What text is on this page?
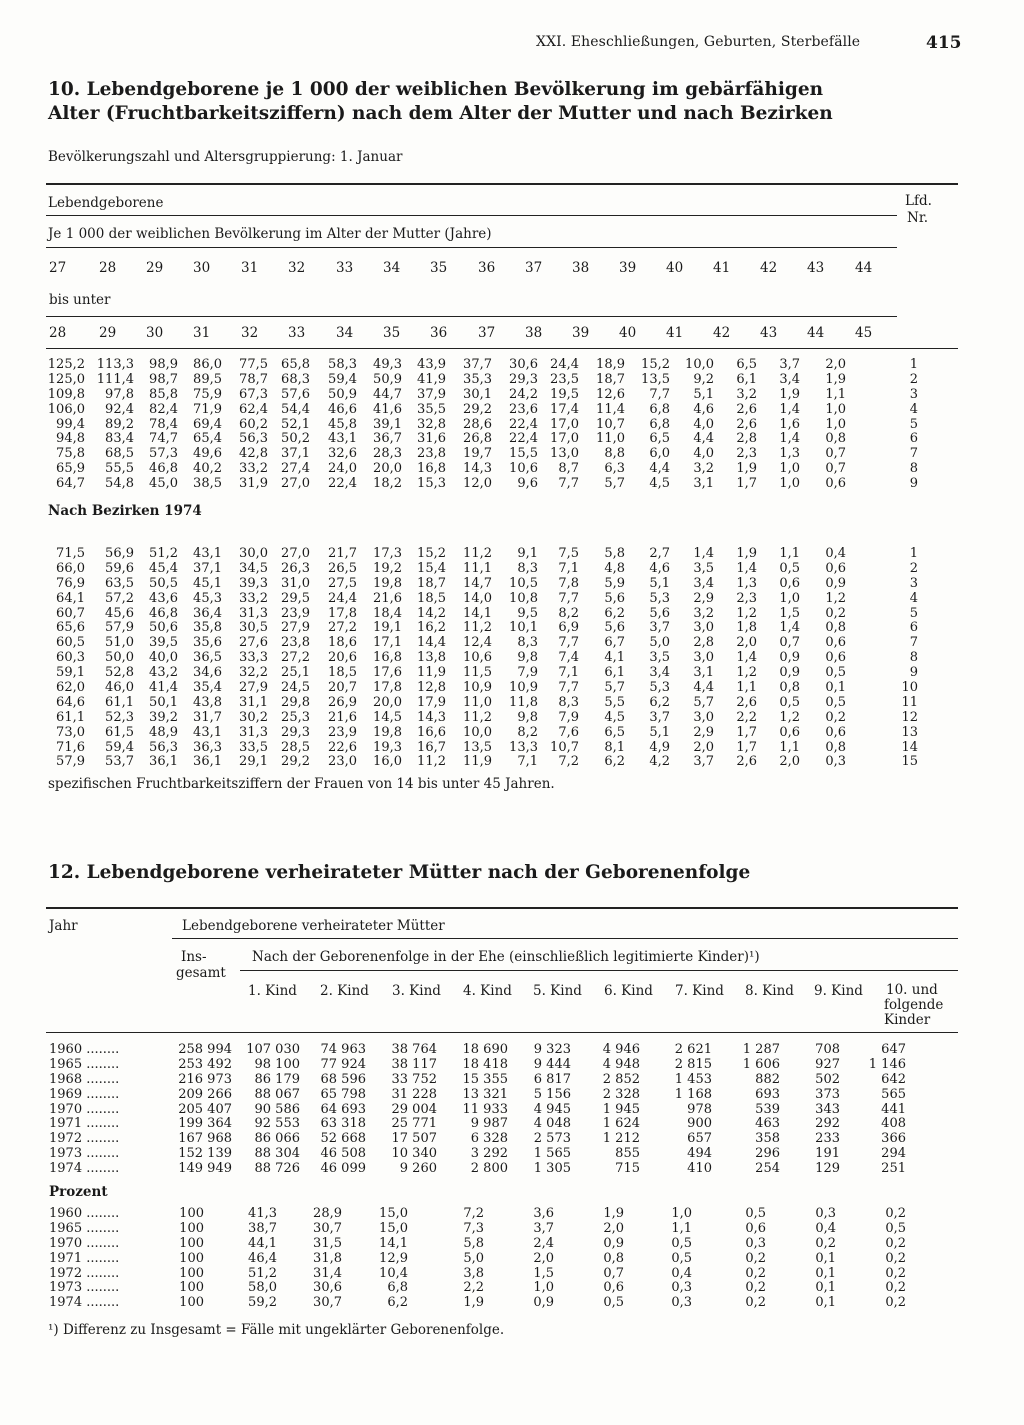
XXI. Eheschließungen, Geburten, Sterbefälle	415
10. Lebendgeborene je 1 000 der weiblichen Bevölkerung im gebärfähigen Alter (Fruchtbarkeitsziffern) nach dem Alter der Mutter und nach Bezirken
Bevölkerungszahl und Altersgruppierung: 1. Januar
Lebendgeborene	Lfd.
Nr.
Je 1 000 der weiblichen Bevölkerung im Alter der Mutter (Jahre)
27	28	29	30	31	32	33	34	35	36	37	38	39	40	41	42	43	44
bis unter
28	29	30	31	32	33	34	35	36	37	38	39	40	41	42	43	44	45
125,2 113,3	98,9	86,0	77,5	65,8	58,3	49,3	43,9	37,7	30,6 24,4	18,9	15,2	10,0	6,5	3,7	2,0	1
125,0 111,4	98,7	89,5	78,7	68,3	59,4	50,9	41,9	35,3	29,3 23,5	18,7	13,5	9,2	6,1	3,4	1,9	2
109,8	97,8	85,8	75,9	67,3	57,6	50,9	44,7	37,9	30,1	24,2 19,5	12,6	7,7	5,1	3,2	1,9	1,1	3
106,0	92,4	82,4	71,9	62,4	54,4	46,6	41,6	35,5	29,2	23,6 17,4	11,4	6,8	4,6	2,6	1,4	1,0	4
99,4	89,2	78,4	69,4	60,2	52,1	45,8	39,1	32,8	28,6	22,4 17,0	10,7	6,8	4,0	2,6	1,6	1,0	5
94,8	83,4	74,7	65,4	56,3	50,2	43,1	36,7	31,6	26,8	22,4 17,0	11,0	6,5	4,4	2,8	1,4	0,8	6
75,8	68,5	57,3	49,6	42,8	37,1	32,6	28,3	23,8	19,7	15,5 13,0	8,8	6,0	4,0	2,3	1,3	0,7	7
65,9	55,5	46,8	40,2	33,2	27,4	24,0	20,0	16,8	14,3	10,6	8,7	6,3	4,4	3,2	1,9	1,0	0,7	8
64,7	54,8	45,0	38,5	31,9	27,0	22,4	18,2	15,3	12,0	9,6	7,7	5,7	4,5	3,1	1,7	1,0	0,6	9
Nach Bezirken 1974
71,5	56,9	51,2	43,1	30,0	27,0	21,7	17,3	15,2	11,2	9,1	7,5	5,8	2,7	1,4	1,9	1,1	0,4	1
66,0	59,6	45,4	37,1	34,5	26,3	26,5	19,2	15,4	11,1	8,3	7,1	4,8	4,6	3,5	1,4	0,5	0,6	2
76,9	63,5	50,5	45,1	39,3	31,0	27,5	19,8	18,7	14,7	10,5	7,8	5,9	5,1	3,4	1,3	0,6	0,9	3
64,1	57,2	43,6	45,3	33,2	29,5	24,4	21,6	18,5	14,0	10,8	7,7	5,6	5,3	2,9	2,3	1,0	1,2	4
60,7	45,6	46,8	36,4	31,3	23,9	17,8	18,4	14,2	14,1	9,5	8,2	6,2	5,6	3,2	1,2	1,5	0,2	5
65,6	57,9	50,6	35,8	30,5	27,9	27,2	19,1	16,2	11,2	10,1	6,9	5,6	3,7	3,0	1,8	1,4	0,8	6
60,5	51,0	39,5	35,6	27,6	23,8	18,6	17,1	14,4	12,4	8,3	7,7	6,7	5,0	2,8	2,0	0,7	0,6	7
60,3	50,0	40,0	36,5	33,3	27,2	20,6	16,8	13,8	10,6	9,8	7,4	4,1	3,5	3,0	1,4	0,9	0,6	8
59,1	52,8	43,2	34,6	32,2	25,1	18,5	17,6	11,9	11,5	7,9	7,1	6,1	3,4	3,1	1,2	0,9	0,5	9
62,0	46,0	41,4	35,4	27,9	24,5	20,7	17,8	12,8	10,9	10,9	7,7	5,7	5,3	4,4	1,1	0,8	0,1	10
64,6	61,1	50,1	43,8	31,1	29,8	26,9	20,0	17,9	11,0	11,8	8,3	5,5	6,2	5,7	2,6	0,5	0,5	11
61,1	52,3	39,2	31,7	30,2	25,3	21,6	14,5	14,3	11,2	9,8	7,9	4,5	3,7	3,0	2,2	1,2	0,2	12
73,0	61,5	48,9	43,1	31,3	29,3	23,9	19,8	16,6	10,0	8,2	7,6	6,5	5,1	2,9	1,7	0,6	0,6	13
71,6	59,4	56,3	36,3	33,5	28,5	22,6	19,3	16,7	13,5	13,3 10,7	8,1	4,9	2,0	1,7	1,1	0,8	14
57,9	53,7	36,1	36,1	29,1	29,2	23,0	16,0	11,2	11,9	7,1	7,2	6,2	4,2	3,7	2,6	2,0	0,3	15
spezifischen Fruchtbarkeitsziffern der Frauen von 14 bis unter 45 Jahren.
12. Lebendgeborene verheirateter Mütter nach der Geborenenfolge
Jahr	Lebendgeborene verheirateter Mütter
Ins-
gesamt
Nach der Geborenenfolge in der Ehe (einschließlich legitimierte Kinder)¹)
1. Kind 2. Kind 3. Kind 4. Kind 5. Kind 6. Kind 7. Kind 8. Kind 9. Kind 10. und
folgende
Kinder
1960 ........	258 994	107 030	74 963	38 764	18 690	9 323	4 946	2 621	1 287	708	647
1965 ........	253 492	98 100	77 924	38 117	18 418	9 444	4 948	2 815	1 606	927	1 146
1968 ........	216 973	86 179	68 596	33 752	15 355	6 817	2 852	1 453	882	502	642
1969 ........	209 266	88 067	65 798	31 228	13 321	5 156	2 328	1 168	693	373	565
1970 ........	205 407	90 586	64 693	29 004	11 933	4 945	1 945	978	539	343	441
1971 ........	199 364	92 553	63 318	25 771	9 987	4 048	1 624	900	463	292	408
1972 ........	167 968	86 066	52 668	17 507	6 328	2 573	1 212	657	358	233	366
1973 ........	152 139	88 304	46 508	10 340	3 292	1 565	855	494	296	191	294
1974 ........	149 949	88 726	46 099	9 260	2 800	1 305	715	410	254	129	251
Prozent
1960 ........	100	41,3	28,9	15,0	7,2	3,6	1,9	1,0	0,5	0,3	0,2
1965 ........	100	38,7	30,7	15,0	7,3	3,7	2,0	1,1	0,6	0,4	0,5
1970 ........	100	44,1	31,5	14,1	5,8	2,4	0,9	0,5	0,3	0,2	0,2
1971 ........	100	46,4	31,8	12,9	5,0	2,0	0,8	0,5	0,2	0,1	0,2
1972 ........	100	51,2	31,4	10,4	3,8	1,5	0,7	0,4	0,2	0,1	0,2
1973 ........	100	58,0	30,6	6,8	2,2	1,0	0,6	0,3	0,2	0,1	0,2
1974 ........	100	59,2	30,7	6,2	1,9	0,9	0,5	0,3	0,2	0,1	0,2
¹) Differenz zu Insgesamt = Fälle mit ungeklärter Geborenenfolge.
